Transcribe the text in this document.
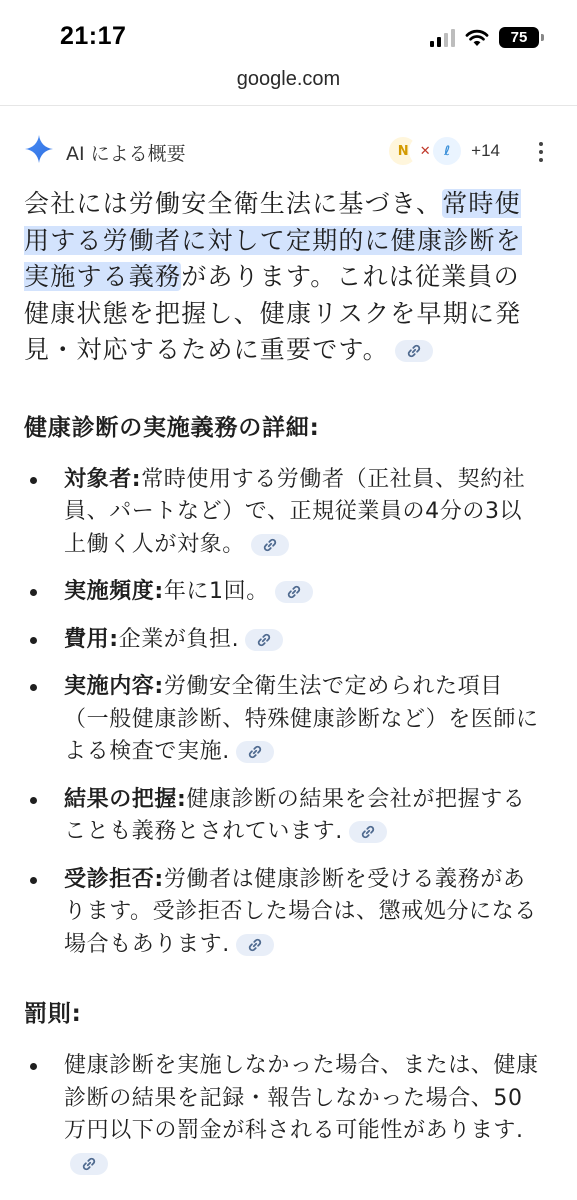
21:17	75
google.com
AI による概要	N ✕	ℓ	+14

会社には労働安全衛生法に基づき、常時使用する労働者に対して定期的に健康診断を実施する義務があります。これは従業員の健康状態を把握し、健康リスクを早期に発見・対応するために重要です。

健康診断の実施義務の詳細:
対象者:常時使用する労働者（正社員、契約社員、パートなど）で、正規従業員の4分の3以上働く人が対象。
実施頻度:年に1回。
費用:企業が負担.
実施内容:労働安全衛生法で定められた項目（一般健康診断、特殊健康診断など）を医師による検査で実施.
結果の把握:健康診断の結果を会社が把握することも義務とされています.
受診拒否:労働者は健康診断を受ける義務があります。受診拒否した場合は、懲戒処分になる場合もあります.
罰則:
健康診断を実施しなかった場合、または、健康診断の結果を記録・報告しなかった場合、50万円以下の罰金が科される可能性があります.
